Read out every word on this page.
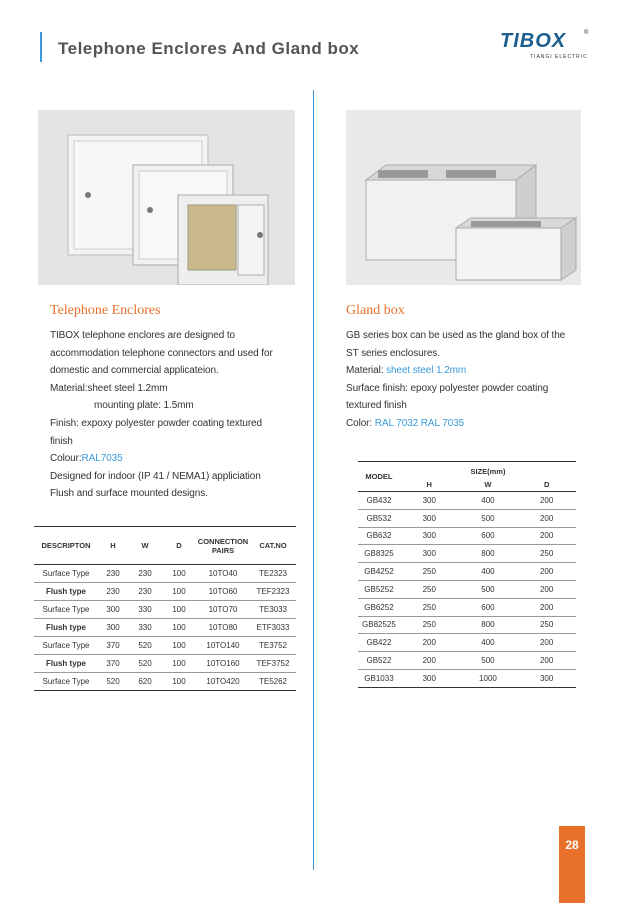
Telephone Enclores And Gland box	TIBOX	®
TIANGI ELECTRIC
Telephone Enclores
TIBOX telephone enclores are designed to
accommodation telephone connectors and used for
domestic and commercial applicateion.
Material:sheet steel 1.2mm
mounting plate: 1.5mm
Finish: expoxy polyester powder coating textured
finish
Colour:RAL7035
Designed for indoor (IP 41 / NEMA1) appliciation
Flush and surface mounted designs.
DESCRIPTON	H	W	D	CONNECTION PAIRS	CAT.NO
Surface Type	230	230	100	10TO40	TE2323
Flush type	230	230	100	10TO60	TEF2323
Surface Type	300	330	100	10TO70	TE3033
Flush type	300	330	100	10TO80	ETF3033
Surface Type	370	520	100	10TO140	TE3752
Flush type	370	520	100	10TO160	TEF3752
Surface Type	520	620	100	10TO420	TE5262
Gland box
GB series box can be used as the gland box of the
ST series enclosures.
Material: sheet steel 1.2mm
Surface finish: epoxy polyester powder coating
textured finish
Color: RAL 7032 RAL 7035
MODEL	SIZE(mm)		
	H	W	D
GB432	300	400	200
GB532	300	500	200
GB632	300	600	200
GB8325	300	800	250
GB4252	250	400	200
GB5252	250	500	200
GB6252	250	600	200
GB82525	250	800	250
GB422	200	400	200
GB522	200	500	200
GB1033	300	1000	300
28
